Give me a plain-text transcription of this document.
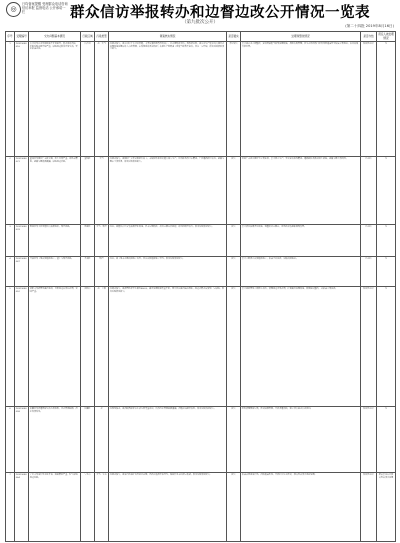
◎
日均备案提醒 受理群众电话咨询 信访举报 监督电话 公开承诺一栏	群众信访举报转办和边督边改公开情况一览表
（第九批次公开）
(第二十四批 2019年8月16日)
序号	受理编号	交办问题基本情况	行政区域	污染类型	调查核实情况	是否属实	处理和整改情况	是否办结	责任人被处理情况
1	D2019080016	长沙县某公司环保设施不正常运行，废水直排河流，居民反映夜间异味严重，影响周边群众正常生活，要求依法查处。	长沙县	水、大气	经调查核实，该公司位于长沙县某镇，主要从事机械零部件加工，已办理环评手续。现场检查时，该公司生产废水经自建污水处理设施处理后排入市政管网，未发现直排河流情况；夜间生产时喷涂工序废气收集不完善，存在一定异味，群众反映情况部分属实。	部分属实	责令该公司立即整改，完善喷涂废气收集处理设施，规范台账管理；区生态环境部门对其环境违法行为依法立案调查，后续加强日常监管。	阶段性办结	无
2	D2019080021	望城区某建材厂未批先建，粉尘污染严重，堆场未覆盖，运输车辆抛洒滴漏，影响周边居民。	望城区	大气	经调查核实，该建材厂主要从事砂石加工，未取得环评批复擅自投入生产，原料堆场部分未覆盖，厂区道路积尘较多，运输车辆未全部密闭，群众反映情况属实。	属实	对该厂未批先建行为立案处罚，责令停止生产；要求完善堆场覆盖、道路硬化及洒水降尘措施，运输车辆全部密闭。	已办结	无
3	D2019080033	雨花区某小区旁餐饮店油烟直排，噪声扰民。	雨花区	大气、噪声	经查，该餐饮店已安装油烟净化设施，但未定期清洗，排放口朝向居民楼；排风机噪声较大，群众反映情况属实。	属实	责令清洗油烟净化设施，调整排放口朝向，对风机加装减振降噪装置。	已办结	无
4	D2019080047	开福区某工地夜间违规施工，渣土车噪声扰民。	开福区	噪声	经查，该工地未办理夜间施工许可，存在夜间违规施工行为，群众反映情况属实。	属实	责令立即停止夜间违规施工，依法予以处罚，加强夜间巡查。	已办结	无
5	D2019080052	浏阳市某养殖场粪污直排，污染周边农田和水塘，臭味严重。	浏阳市	水、土壤	经调查核实，该养殖场存栏生猪约800头，粪污处理设施容量不足，雨天存在粪污溢流现象，周边水塘水质受到一定影响，群众反映情况属实。	属实	责令该养殖场立即停止排放，清理周边污染水塘，扩建粪污处理设施，限期完成整改，并依法立案处罚。	阶段性办结	无
6	D2019080058	岳麓区某河道两岸生活垃圾堆积，污水管网破损，河水发黑发臭。	岳麓区	水	经现场核查，该河段两岸存在生活垃圾零星堆放，局部污水管网破损渗漏，河道水质感官较差，群众反映情况属实。	属实	组织清理两岸垃圾，修复破损管网，开展河道清淤，建立河长巡查长效机制。	阶段性办结	无
7	D2019080064	宁乡市某采石场无证开采，爆破震动严重，粉尘影响周边村民。	宁乡市	大气、生态	经调查核实，该采石场采矿许可证已过期，仍存在违规开采行为，爆破作业未按规定报备，群众反映情况属实。	属实	依法关停该采石场，没收违法所得，开展矿山生态修复，移交有关部门调查处理。	阶段性办结	相关责任人已移交有关部门处理
